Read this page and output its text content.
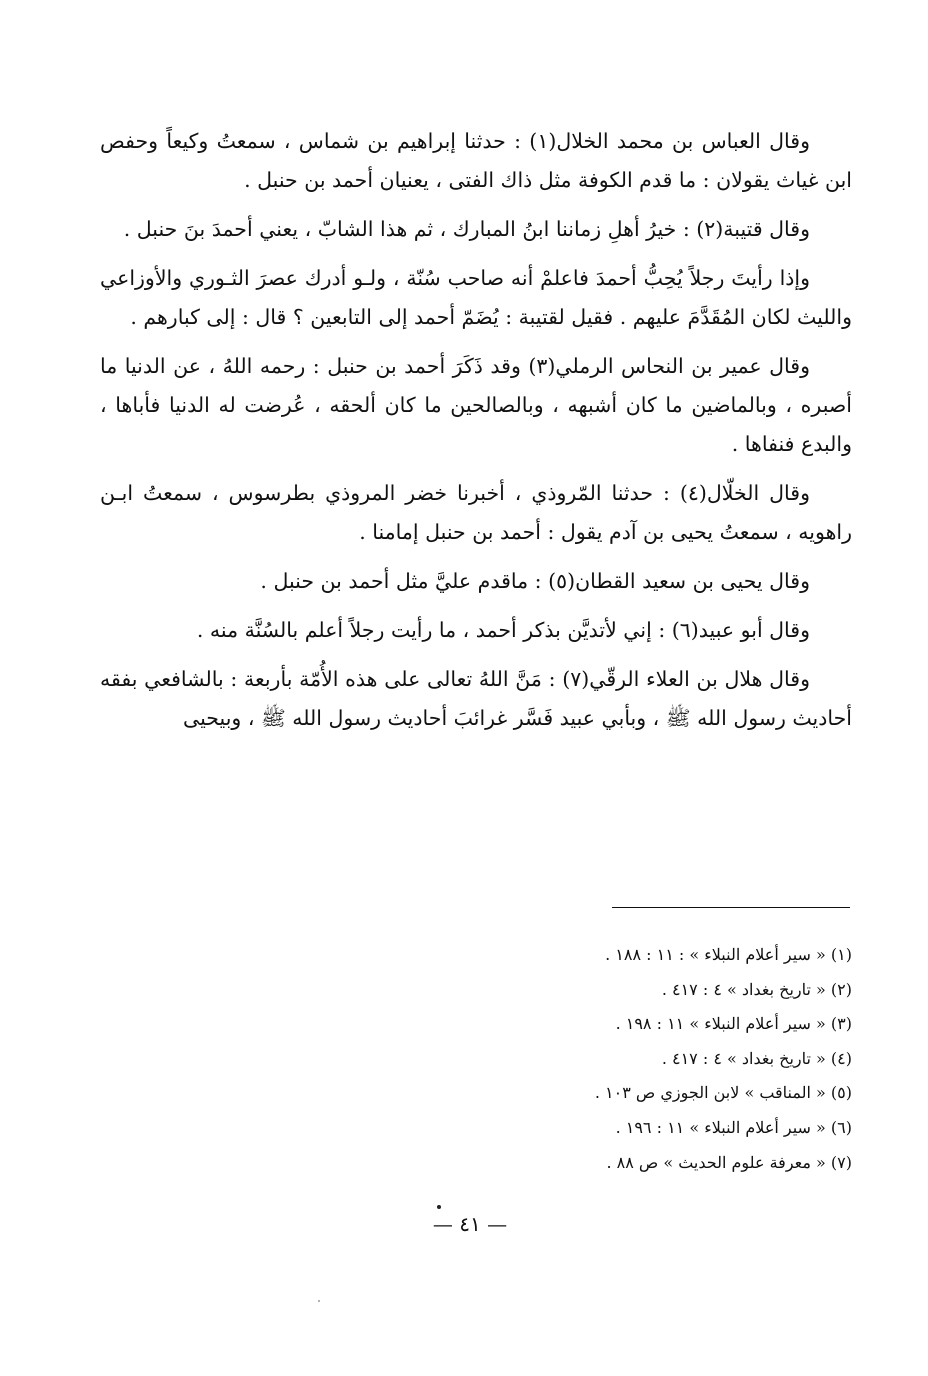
وقال العباس بن محمد الخلال(١) : حدثنا إبراهيم بن شماس ، سمعتُ وكيعاً وحفص ابن غياث يقولان : ما قدم الكوفة مثل ذاك الفتى ، يعنيان أحمد بن حنبل .

وقال قتيبة(٢) : خيرُ أهلِ زماننا ابنُ المبارك ، ثم هذا الشابّ ، يعني أحمدَ بنَ حنبل .

وإذا رأيتَ رجلاً يُحِبُّ أحمدَ فاعلمْ أنه صاحب سُنّة ، ولـو أدرك عصرَ الثـوري والأوزاعي والليث لكان المُقَدَّمَ عليهم . فقيل لقتيبة : يُضَمّ أحمد إلى التابعين ؟ قال : إلى كبارهم .

وقال عمير بن النحاس الرملي(٣) وقد ذَكَرَ أحمد بن حنبل : رحمه اللهُ ، عن الدنيا ما أصبره ، وبالماضين ما كان أشبهه ، وبالصالحين ما كان ألحقه ، عُرضت له الدنيا فأباها ، والبدع فنفاها .

وقال الخلّال(٤) : حدثنا المّروذي ، أخبرنا خضر المروذي بطرسوس ، سمعتُ ابـن راهويه ، سمعتُ يحيى بن آدم يقول : أحمد بن حنبل إمامنا .

وقال يحيى بن سعيد القطان(٥) : ماقدم عليَّ مثل أحمد بن حنبل .

وقال أبو عبيد(٦) : إني لأتديَّن بذكر أحمد ، ما رأيت رجلاً أعلم بالسُنَّة منه .

وقال هلال بن العلاء الرقّي(٧) : مَنَّ اللهُ تعالى على هذه الأُمّة بأربعة : بالشافعي بفقه أحاديث رسول الله ﷺ ، وبأبي عبيد فَسَّر غرائبَ أحاديث رسول الله ﷺ ، وبيحيى

(١) « سير أعلام النبلاء » : ١١ : ١٨٨ .
(٢) « تاريخ بغداد » ٤ : ٤١٧ .
(٣) « سير أعلام النبلاء » ١١ : ١٩٨ .
(٤) « تاريخ بغداد » ٤ : ٤١٧ .
(٥) « المناقب » لابن الجوزي ص ١٠٣ .
(٦) « سير أعلام النبلاء » ١١ : ١٩٦ .
(٧) « معرفة علوم الحديث » ص ٨٨ .
— ٤١ —
